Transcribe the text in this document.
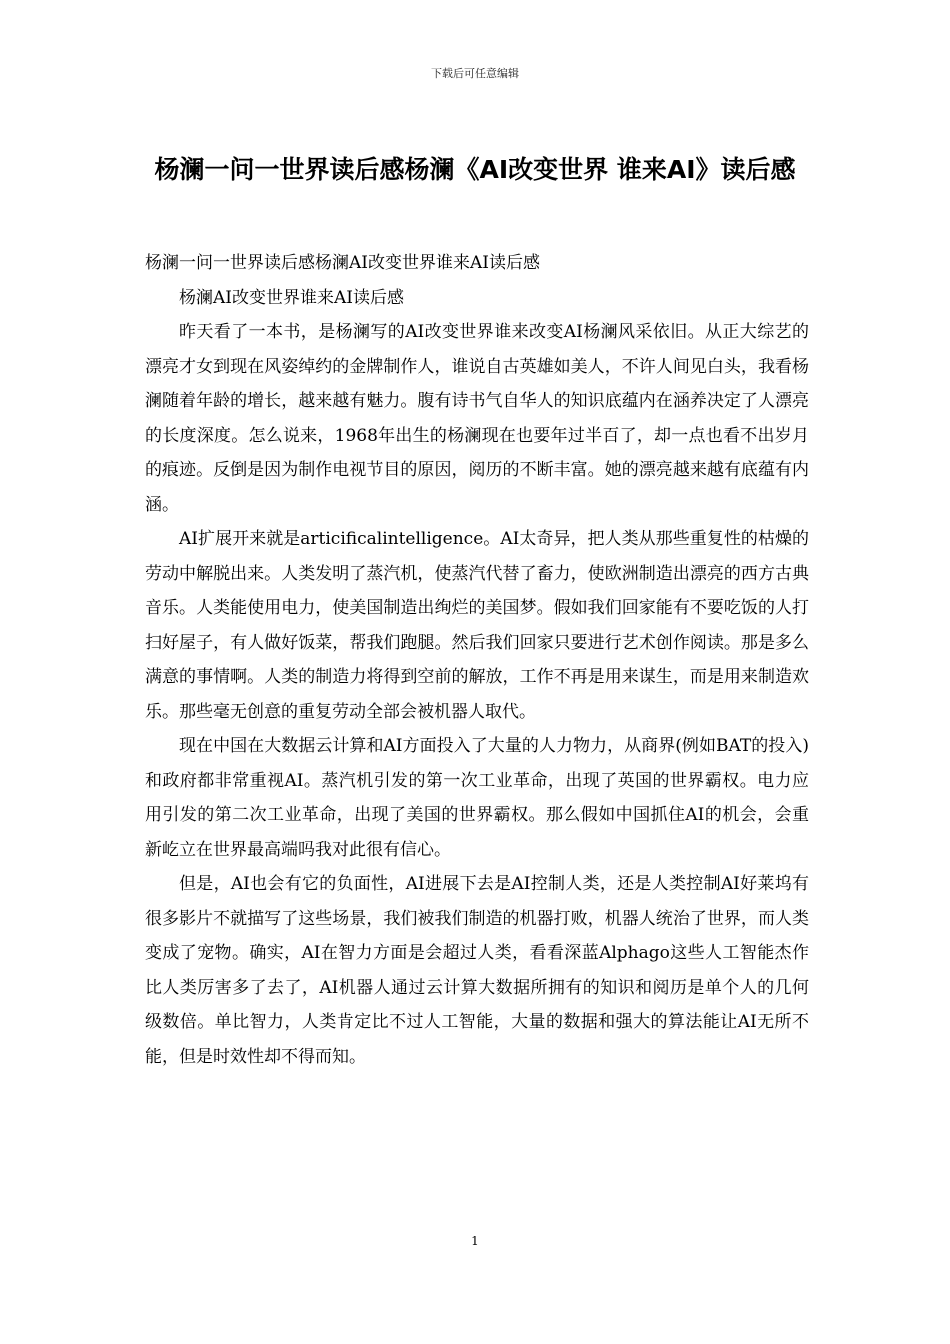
下载后可任意编辑
杨澜一问一世界读后感杨澜《AI改变世界 谁来AI》读后感

杨澜一问一世界读后感杨澜AI改变世界谁来AI读后感

杨澜AI改变世界谁来AI读后感

昨天看了一本书，是杨澜写的AI改变世界谁来改变AI杨澜风采依旧。从正大综艺的漂亮才女到现在风姿绰约的金牌制作人，谁说自古英雄如美人，不许人间见白头，我看杨澜随着年龄的增长，越来越有魅力。腹有诗书气自华人的知识底蕴内在涵养决定了人漂亮的长度深度。怎么说来，1968年出生的杨澜现在也要年过半百了，却一点也看不出岁月的痕迹。反倒是因为制作电视节目的原因，阅历的不断丰富。她的漂亮越来越有底蕴有内涵。

AI扩展开来就是articificalintelligence。AI太奇异，把人类从那些重复性的枯燥的劳动中解脱出来。人类发明了蒸汽机，使蒸汽代替了畜力，使欧洲制造出漂亮的西方古典音乐。人类能使用电力，使美国制造出绚烂的美国梦。假如我们回家能有不要吃饭的人打扫好屋子，有人做好饭菜，帮我们跑腿。然后我们回家只要进行艺术创作阅读。那是多么满意的事情啊。人类的制造力将得到空前的解放，工作不再是用来谋生，而是用来制造欢乐。那些毫无创意的重复劳动全部会被机器人取代。

现在中国在大数据云计算和AI方面投入了大量的人力物力，从商界(例如BAT的投入)和政府都非常重视AI。蒸汽机引发的第一次工业革命，出现了英国的世界霸权。电力应用引发的第二次工业革命，出现了美国的世界霸权。那么假如中国抓住AI的机会，会重新屹立在世界最高端吗我对此很有信心。

但是，AI也会有它的负面性，AI进展下去是AI控制人类，还是人类控制AI好莱坞有很多影片不就描写了这些场景，我们被我们制造的机器打败，机器人统治了世界，而人类变成了宠物。确实，AI在智力方面是会超过人类，看看深蓝Alphago这些人工智能杰作比人类厉害多了去了，AI机器人通过云计算大数据所拥有的知识和阅历是单个人的几何级数倍。单比智力，人类肯定比不过人工智能，大量的数据和强大的算法能让AI无所不能，但是时效性却不得而知。

1
